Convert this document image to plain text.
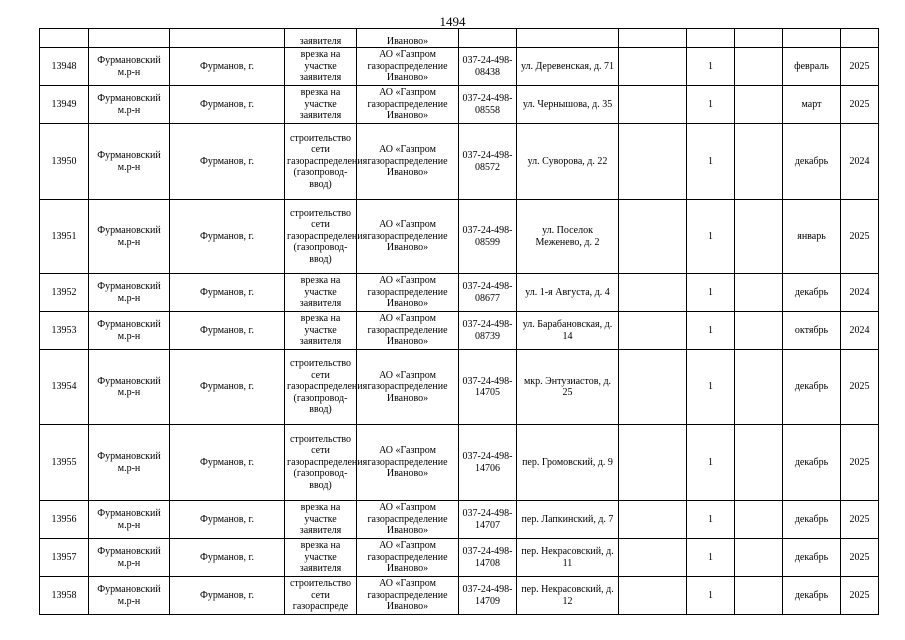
1494
			заявителя	Иваново»							
13948	Фурмановский м.р-н	Фурманов, г.	врезка на участке заявителя	АО «Газпром газораспределение Иваново»	037-24-498-08438	ул. Деревенская, д. 71		1		февраль	2025
13949	Фурмановский м.р-н	Фурманов, г.	врезка на участке заявителя	АО «Газпром газораспределение Иваново»	037-24-498-08558	ул. Чернышова, д. 35		1		март	2025
13950	Фурмановский м.р-н	Фурманов, г.	строительство сети газораспределения (газопровод-ввод)	АО «Газпром газораспределение Иваново»	037-24-498-08572	ул. Суворова, д. 22		1		декабрь	2024
13951	Фурмановский м.р-н	Фурманов, г.	строительство сети газораспределения (газопровод-ввод)	АО «Газпром газораспределение Иваново»	037-24-498-08599	ул. Поселок Меженево, д. 2		1		январь	2025
13952	Фурмановский м.р-н	Фурманов, г.	врезка на участке заявителя	АО «Газпром газораспределение Иваново»	037-24-498-08677	ул. 1-я Августа, д. 4		1		декабрь	2024
13953	Фурмановский м.р-н	Фурманов, г.	врезка на участке заявителя	АО «Газпром газораспределение Иваново»	037-24-498-08739	ул. Барабановская, д. 14		1		октябрь	2024
13954	Фурмановский м.р-н	Фурманов, г.	строительство сети газораспределения (газопровод-ввод)	АО «Газпром газораспределение Иваново»	037-24-498-14705	мкр. Энтузиастов, д. 25		1		декабрь	2025
13955	Фурмановский м.р-н	Фурманов, г.	строительство сети газораспределения (газопровод-ввод)	АО «Газпром газораспределение Иваново»	037-24-498-14706	пер. Громовский, д. 9		1		декабрь	2025
13956	Фурмановский м.р-н	Фурманов, г.	врезка на участке заявителя	АО «Газпром газораспределение Иваново»	037-24-498-14707	пер. Лапкинский, д. 7		1		декабрь	2025
13957	Фурмановский м.р-н	Фурманов, г.	врезка на участке заявителя	АО «Газпром газораспределение Иваново»	037-24-498-14708	пер. Некрасовский, д. 11		1		декабрь	2025
13958	Фурмановский м.р-н	Фурманов, г.	строительство сети газораспреде	АО «Газпром газораспределение Иваново»	037-24-498-14709	пер. Некрасовский, д. 12		1		декабрь	2025
